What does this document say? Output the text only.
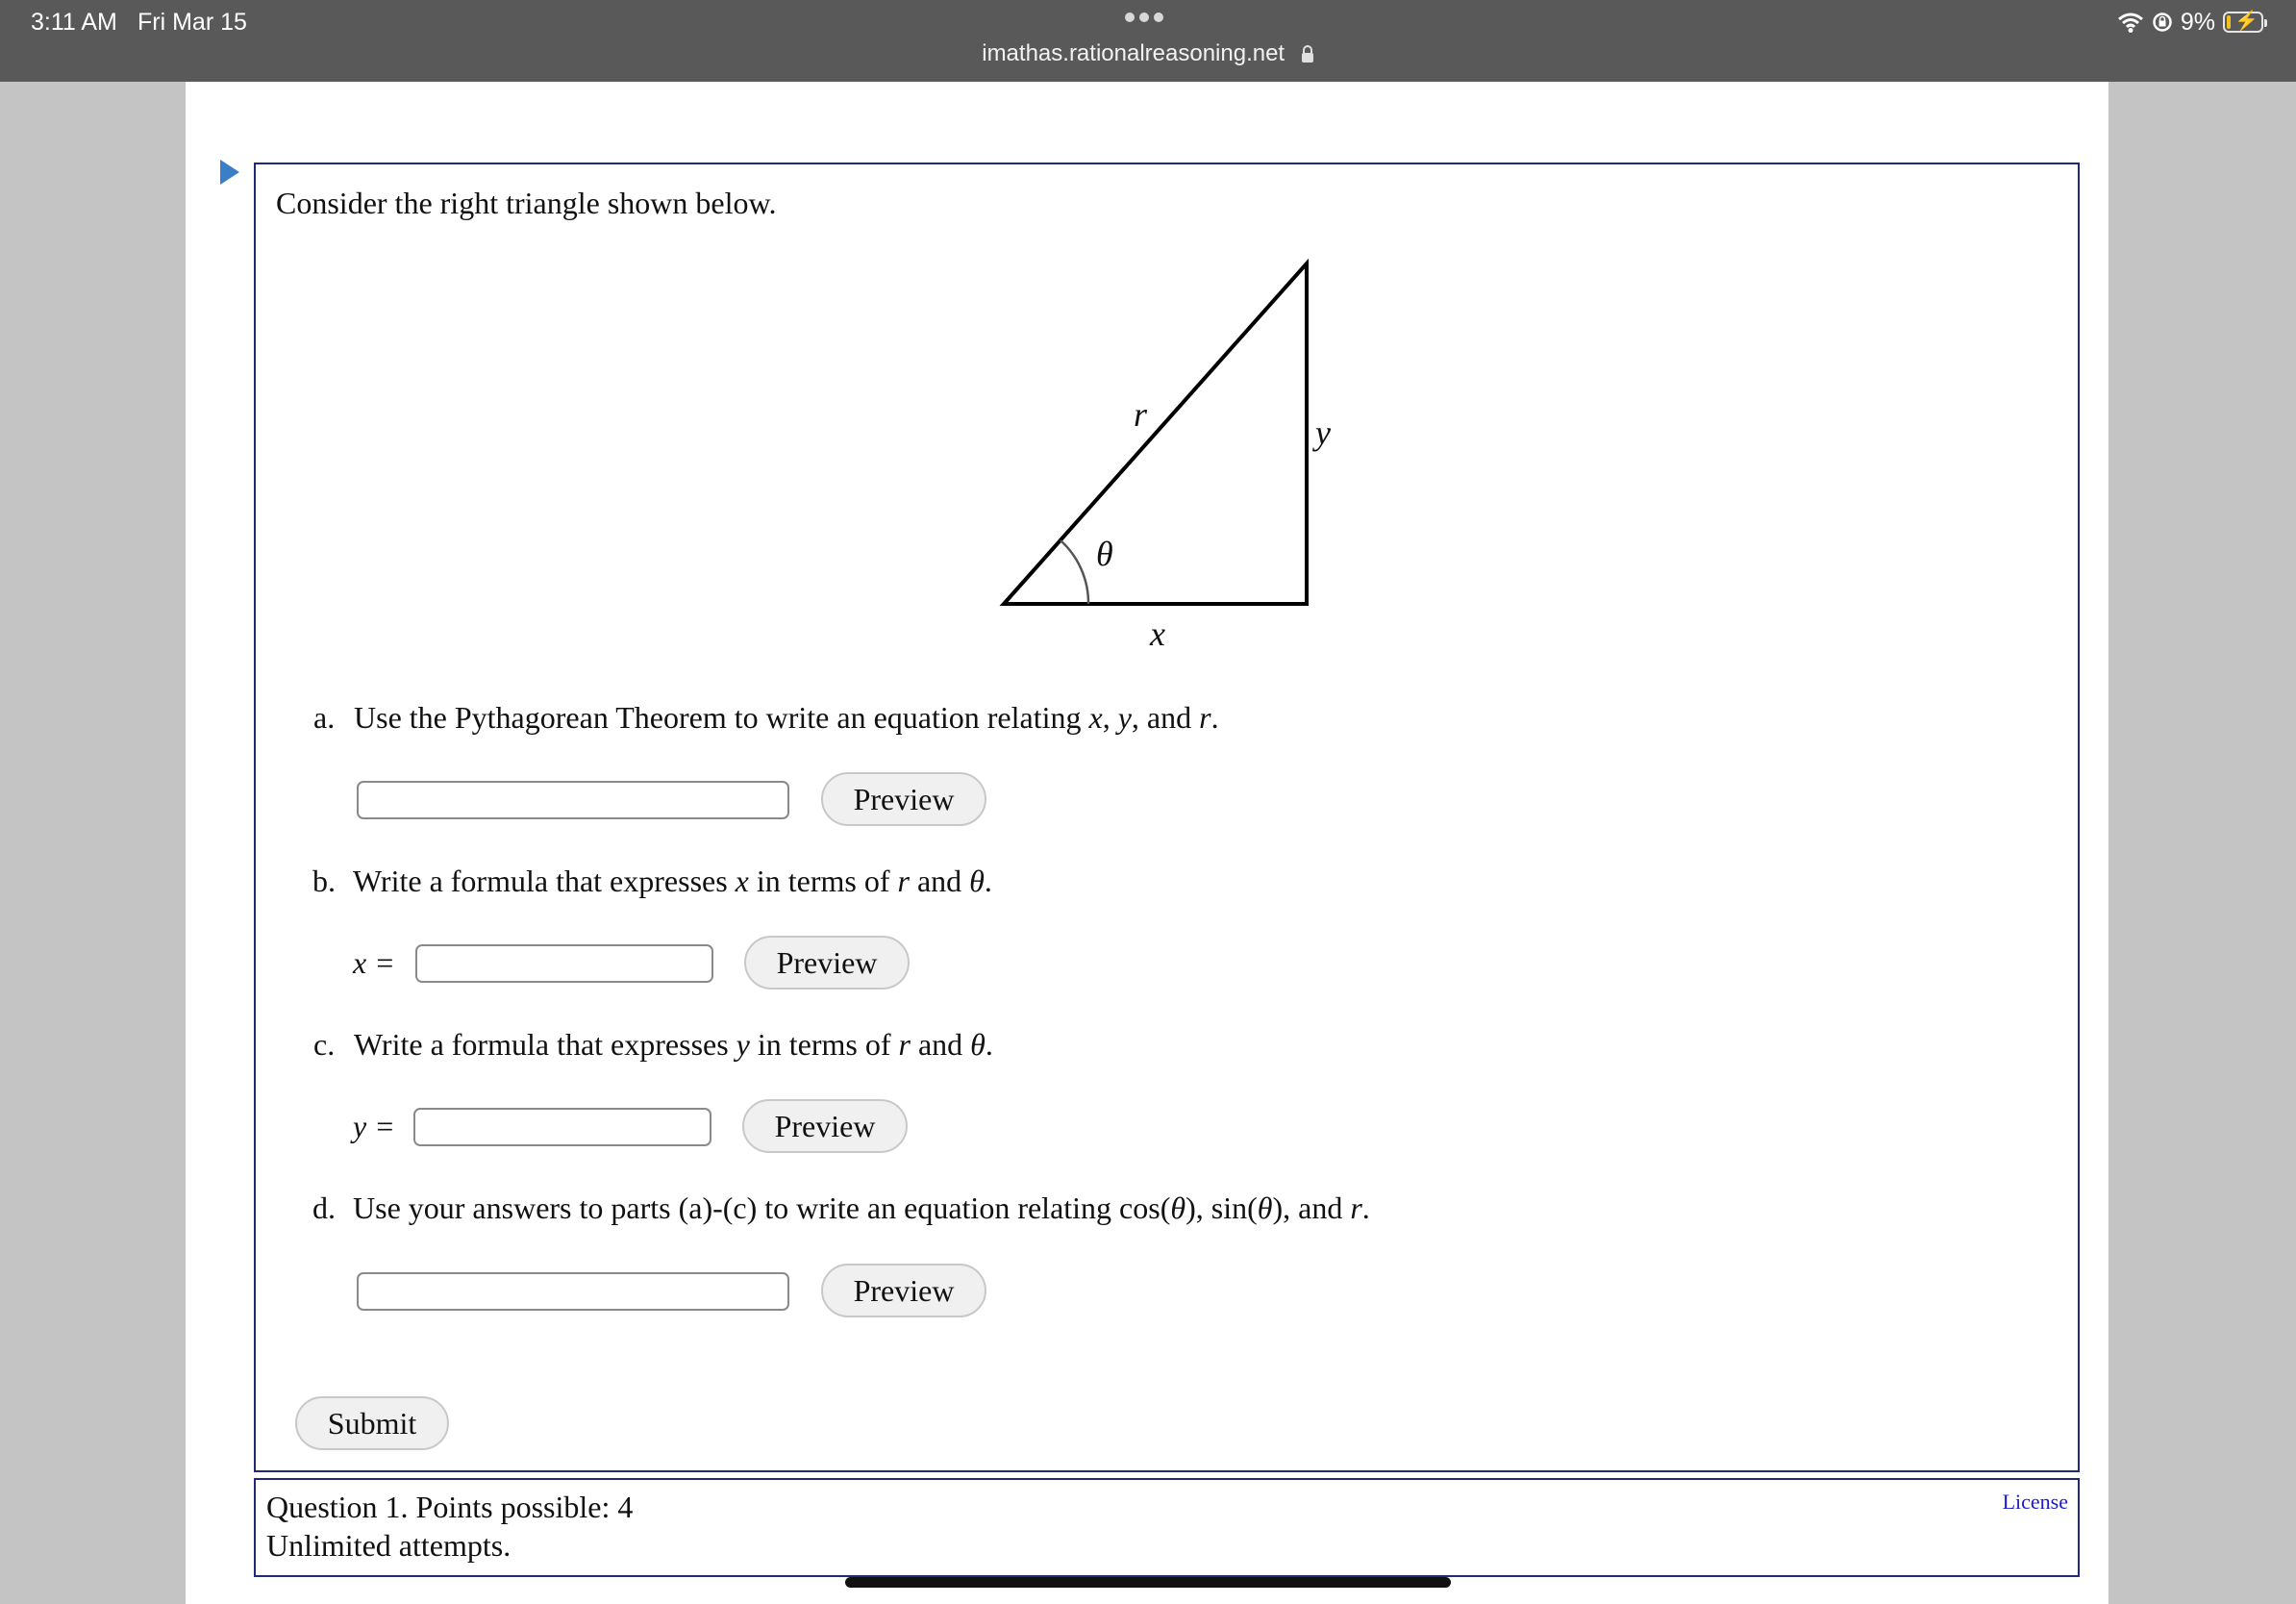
3:11 AM Fri Mar 15
imathas.rationalreasoning.net
9% ⚡
Consider the right triangle shown below.
r	y
x
θ
a. Use the Pythagorean Theorem to write an equation relating x, y, and r.
Preview
b. Write a formula that expresses x in terms of r and θ.
x =	Preview
c. Write a formula that expresses y in terms of r and θ.
y =	Preview
d. Use your answers to parts (a)-(c) to write an equation relating cos(θ), sin(θ), and r.
Preview
Submit
Question 1. Points possible: 4
Unlimited attempts.
License
